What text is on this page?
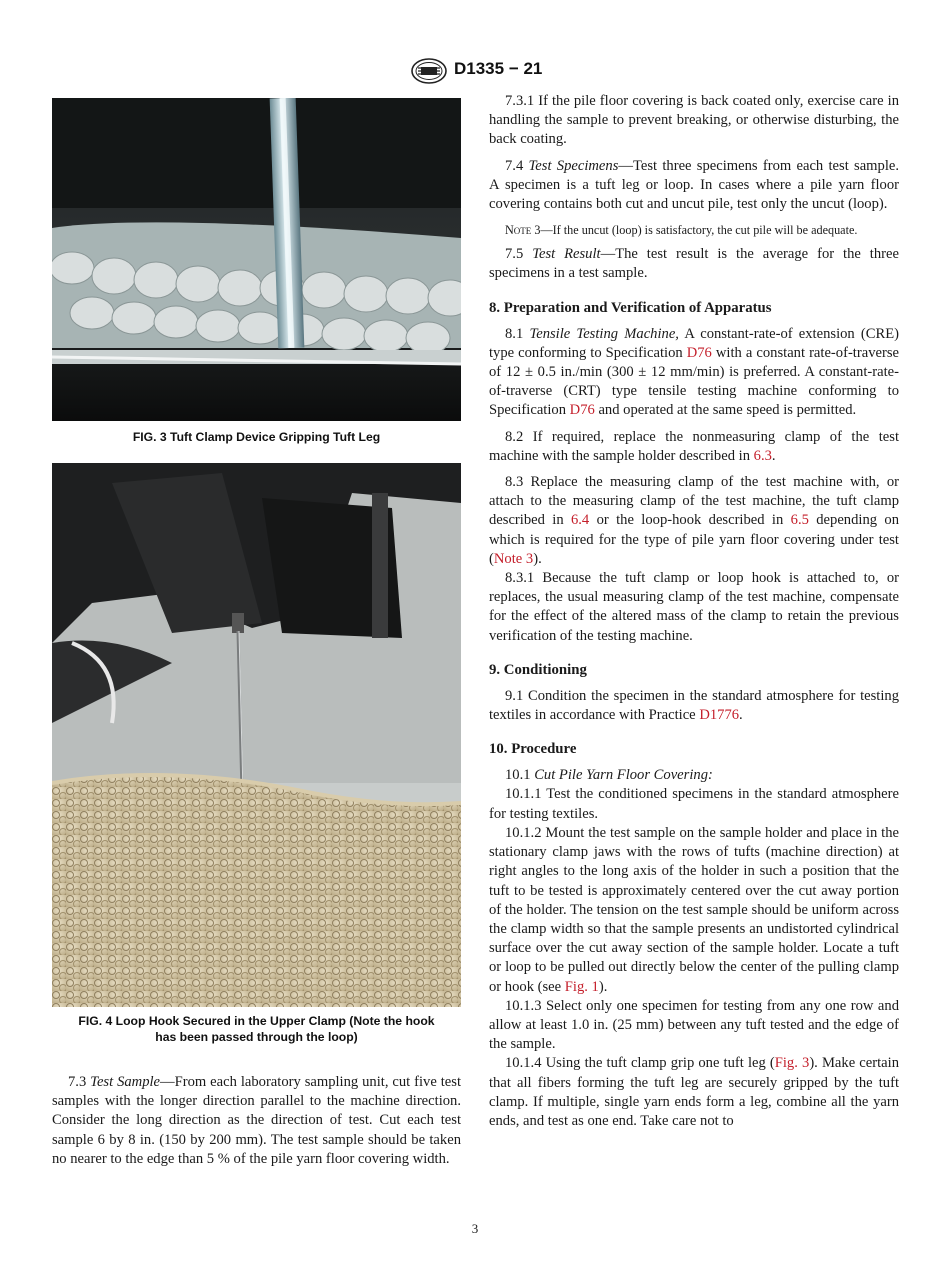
D1335 − 21
FIG. 3 Tuft Clamp Device Gripping Tuft Leg
FIG. 4 Loop Hook Secured in the Upper Clamp (Note the hook
has been passed through the loop)

7.3 Test Sample—From each laboratory sampling unit, cut five test samples with the longer direction parallel to the machine direction. Consider the long direction as the direction of test. Cut each test sample 6 by 8 in. (150 by 200 mm). The test sample should be taken no nearer to the edge than 5 % of the pile yarn floor covering width.

7.3.1 If the pile floor covering is back coated only, exercise care in handling the sample to prevent breaking, or otherwise disturbing, the back coating.

7.4 Test Specimens—Test three specimens from each test sample. A specimen is a tuft leg or loop. In cases where a pile yarn floor covering contains both cut and uncut pile, test only the uncut (loop).

Note 3—If the uncut (loop) is satisfactory, the cut pile will be adequate.

7.5 Test Result—The test result is the average for the three specimens in a test sample.

8. Preparation and Verification of Apparatus

8.1 Tensile Testing Machine, A constant-rate-of extension (CRE) type conforming to Specification D76 with a constant rate-of-traverse of 12 ± 0.5 in./min (300 ± 12 mm/min) is preferred. A constant-rate-of-traverse (CRT) type tensile testing machine conforming to Specification D76 and operated at the same speed is permitted.

8.2 If required, replace the nonmeasuring clamp of the test machine with the sample holder described in 6.3.

8.3 Replace the measuring clamp of the test machine with, or attach to the measuring clamp of the test machine, the tuft clamp described in 6.4 or the loop-hook described in 6.5 depending on which is required for the type of pile yarn floor covering under test (Note 3).

8.3.1 Because the tuft clamp or loop hook is attached to, or replaces, the usual measuring clamp of the test machine, compensate for the effect of the altered mass of the clamp to retain the previous verification of the testing machine.

9. Conditioning

9.1 Condition the specimen in the standard atmosphere for testing textiles in accordance with Practice D1776.

10. Procedure

10.1 Cut Pile Yarn Floor Covering:

10.1.1 Test the conditioned specimens in the standard atmosphere for testing textiles.

10.1.2 Mount the test sample on the sample holder and place in the stationary clamp jaws with the rows of tufts (machine direction) at right angles to the long axis of the holder in such a position that the tuft to be tested is approximately centered over the cut away portion of the holder. The tension on the test sample should be uniform across the clamp width so that the sample presents an undistorted cylindrical surface over the cut away section of the sample holder. Locate a tuft or loop to be pulled out directly below the center of the pulling clamp or hook (see Fig. 1).

10.1.3 Select only one specimen for testing from any one row and allow at least 1.0 in. (25 mm) between any tuft tested and the edge of the sample.

10.1.4 Using the tuft clamp grip one tuft leg (Fig. 3). Make certain that all fibers forming the tuft leg are securely gripped by the tuft clamp. If multiple, single yarn ends form a leg, combine all the yarn ends, and test as one end. Take care not to

3
